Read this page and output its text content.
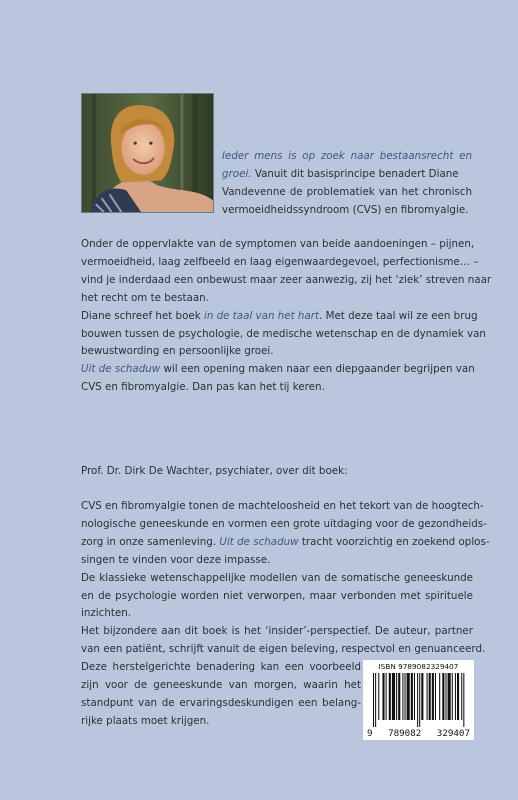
Ieder mens is op zoek naar bestaansrecht en
groei. Vanuit dit basisprincipe benadert Diane
Vandevenne de problematiek van het chronisch
vermoeidheidssyndroom (CVS) en fibromyalgie.

Onder de oppervlakte van de symptomen van beide aandoeningen – pijnen,
vermoeidheid, laag zelfbeeld en laag eigenwaardegevoel, perfectionisme… –
vind je inderdaad een onbewust maar zeer aanwezig, zij het ‘ziek’ streven naar
het recht om te bestaan.
Diane schreef het boek in de taal van het hart. Met deze taal wil ze een brug
bouwen tussen de psychologie, de medische wetenschap en de dynamiek van
bewustwording en persoonlijke groei.
Uit de schaduw wil een opening maken naar een diepgaander begrijpen van
CVS en fibromyalgie. Dan pas kan het tij keren.

Prof. Dr. Dirk De Wachter, psychiater, over dit boek:

CVS en fibromyalgie tonen de machteloosheid en het tekort van de hoogtech-
nologische geneeskunde en vormen een grote uitdaging voor de gezondheids-
zorg in onze samenleving. Uit de schaduw tracht voorzichtig en zoekend oplos-
singen te vinden voor deze impasse.
De klassieke wetenschappelijke modellen van de somatische geneeskunde
en de psychologie worden niet verworpen, maar verbonden met spirituele
inzichten.
Het bijzondere aan dit boek is het ‘insider’-perspectief. De auteur, partner
van een patiënt, schrijft vanuit de eigen beleving, respectvol en genuanceerd.
Deze herstelgerichte benadering kan een voorbeeld
zijn voor de geneeskunde van morgen, waarin het
standpunt van de ervaringsdeskundigen een belang-
rijke plaats moet krijgen.

ISBN 9789082329407
9 789082 329407
